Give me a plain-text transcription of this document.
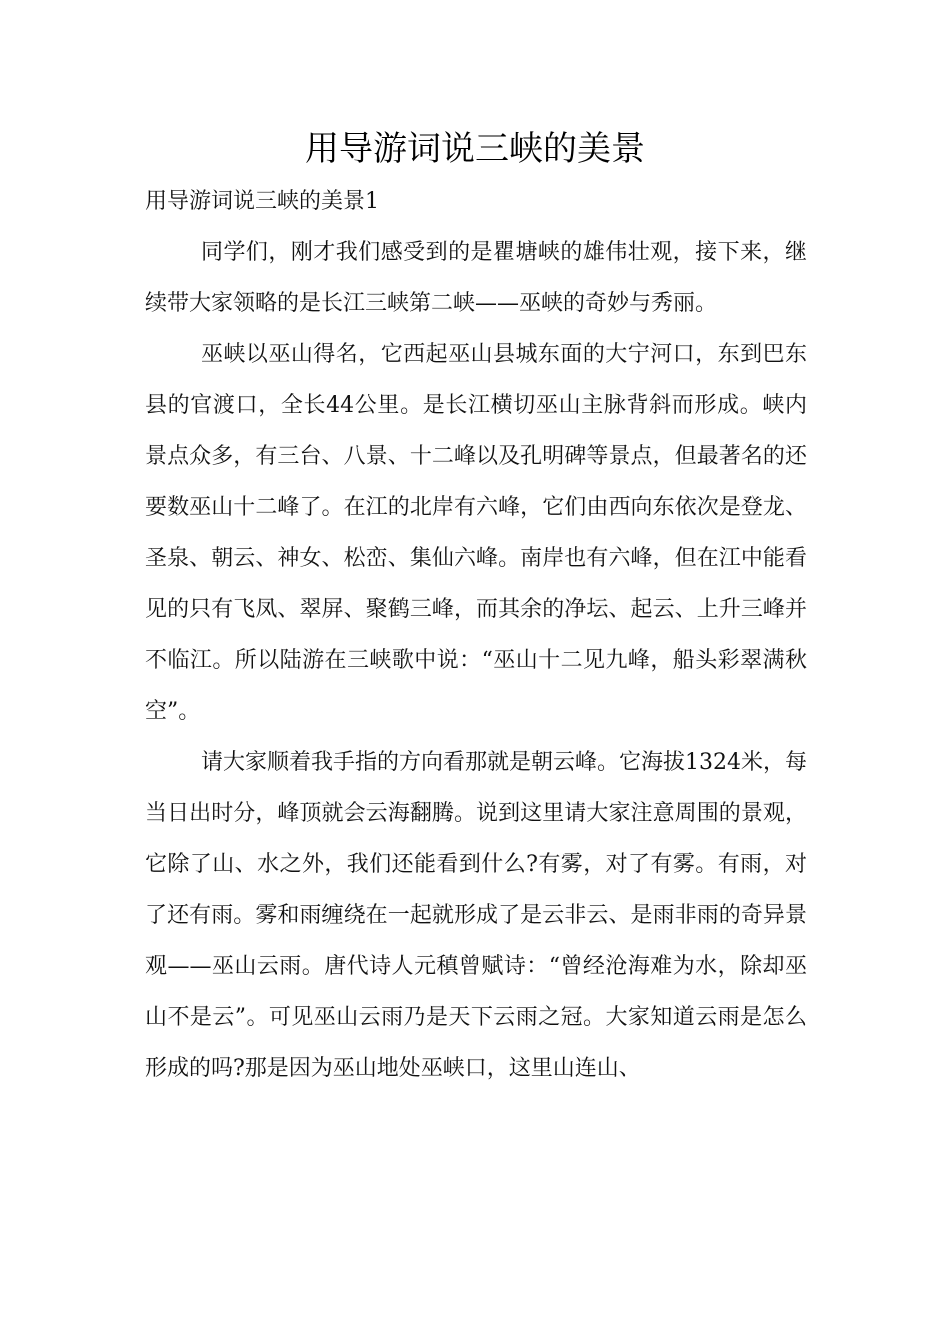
用导游词说三峡的美景

用导游词说三峡的美景1

同学们，刚才我们感受到的是瞿塘峡的雄伟壮观，接下来，继续带大家领略的是长江三峡第二峡——巫峡的奇妙与秀丽。

巫峡以巫山得名，它西起巫山县城东面的大宁河口，东到巴东县的官渡口，全长44公里。是长江横切巫山主脉背斜而形成。峡内景点众多，有三台、八景、十二峰以及孔明碑等景点，但最著名的还要数巫山十二峰了。在江的北岸有六峰，它们由西向东依次是登龙、圣泉、朝云、神女、松峦、集仙六峰。南岸也有六峰，但在江中能看见的只有飞凤、翠屏、聚鹤三峰，而其余的净坛、起云、上升三峰并不临江。所以陆游在三峡歌中说：“巫山十二见九峰，船头彩翠满秋空”。

请大家顺着我手指的方向看那就是朝云峰。它海拔1324米，每当日出时分，峰顶就会云海翻腾。说到这里请大家注意周围的景观，它除了山、水之外，我们还能看到什么?有雾，对了有雾。有雨，对了还有雨。雾和雨缠绕在一起就形成了是云非云、是雨非雨的奇异景观——巫山云雨。唐代诗人元稹曾赋诗：“曾经沧海难为水，除却巫山不是云”。可见巫山云雨乃是天下云雨之冠。大家知道云雨是怎么形成的吗?那是因为巫山地处巫峡口，这里山连山、
